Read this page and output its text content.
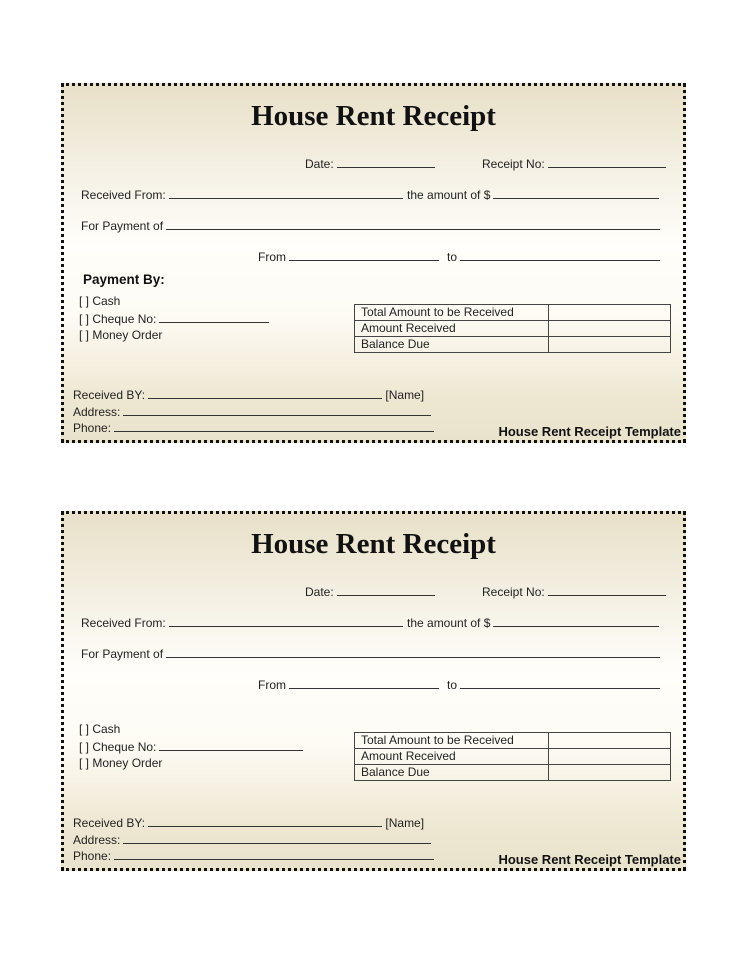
House Rent Receipt
Date:	Receipt No:
Received From:	the amount of $
For Payment of
From	to
Payment By:
[ ] Cash
[ ] Cheque No:
[ ] Money Order
Total Amount to be Received	
Amount Received	
Balance Due	
Received BY:	[Name]
Address:
Phone:	House Rent Receipt Template
House Rent Receipt
Date:	Receipt No:
Received From:	the amount of $
For Payment of
From	to
[ ] Cash
[ ] Cheque No:
[ ] Money Order
Total Amount to be Received	
Amount Received	
Balance Due	
Received BY:	[Name]
Address:
Phone:	House Rent Receipt Template
